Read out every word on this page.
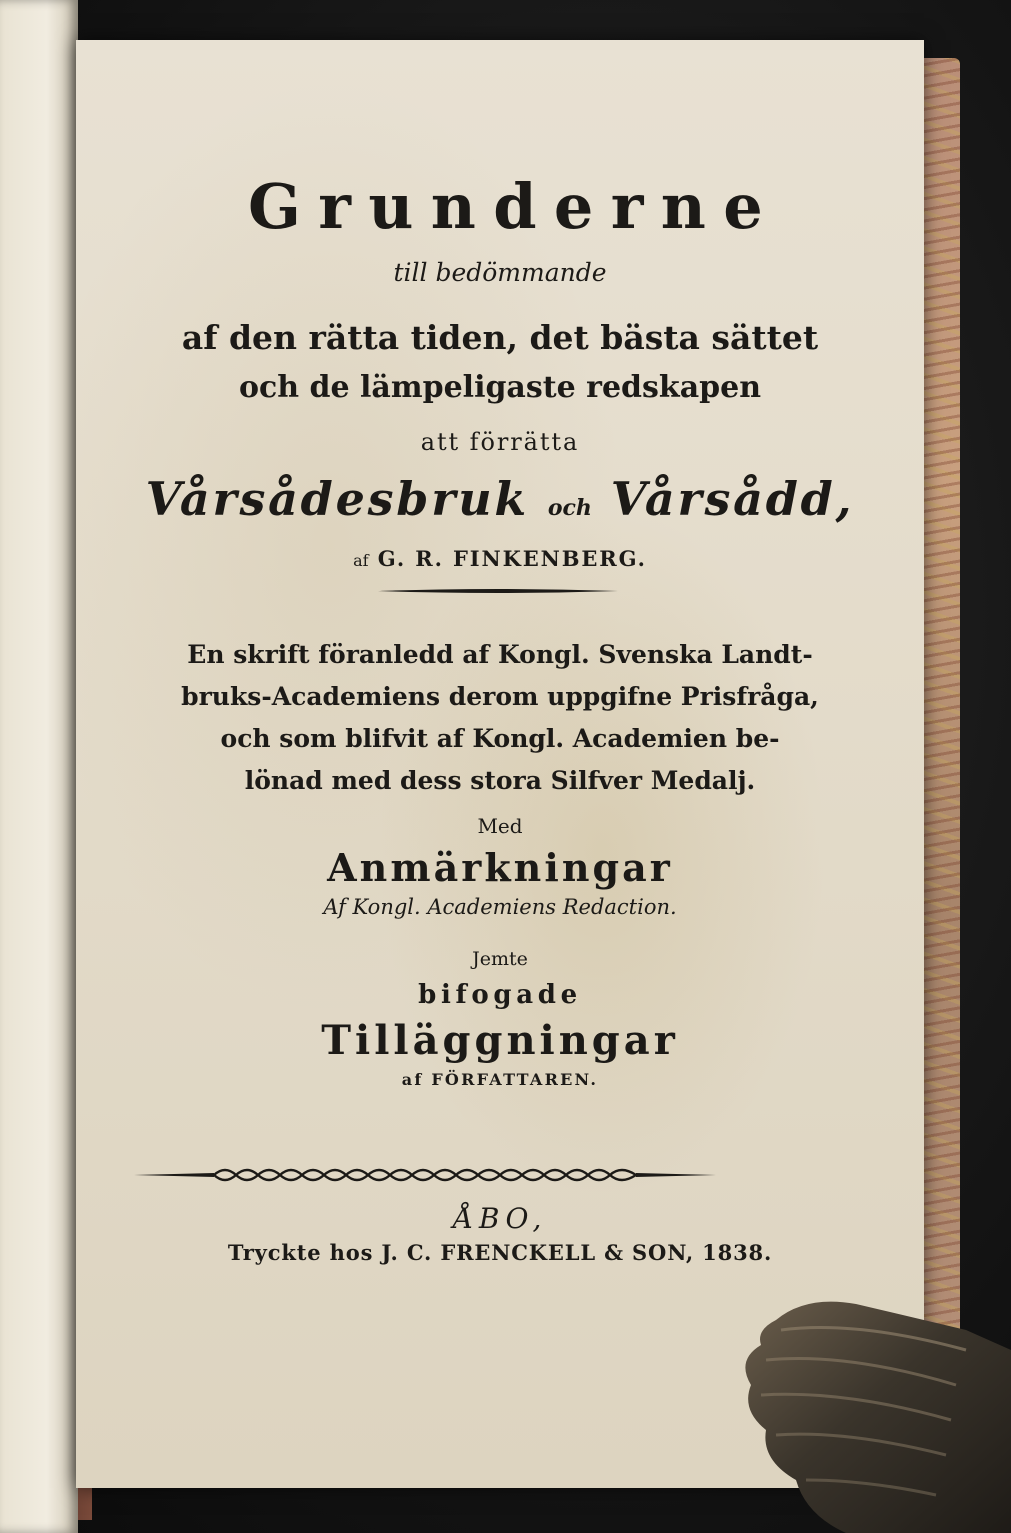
Grunderne
till bedömmande
af den rätta tiden, det bästa sättet
och de lämpeligaste redskapen
att förrätta
Vårsådesbruk och Vårsådd,
af G. R. FINKENBERG.
En skrift föranledd af Kongl. Svenska Landt-
bruks-Academiens derom uppgifne Prisfråga,
och som blifvit af Kongl. Academien be-
lönad med dess stora Silfver Medalj.
Med
Anmärkningar
Af Kongl. Academiens Redaction.
Jemte
bifogade
Tilläggningar
af FÖRFATTAREN.
ÅBO,
Tryckte hos J. C. FRENCKELL & SON, 1838.
